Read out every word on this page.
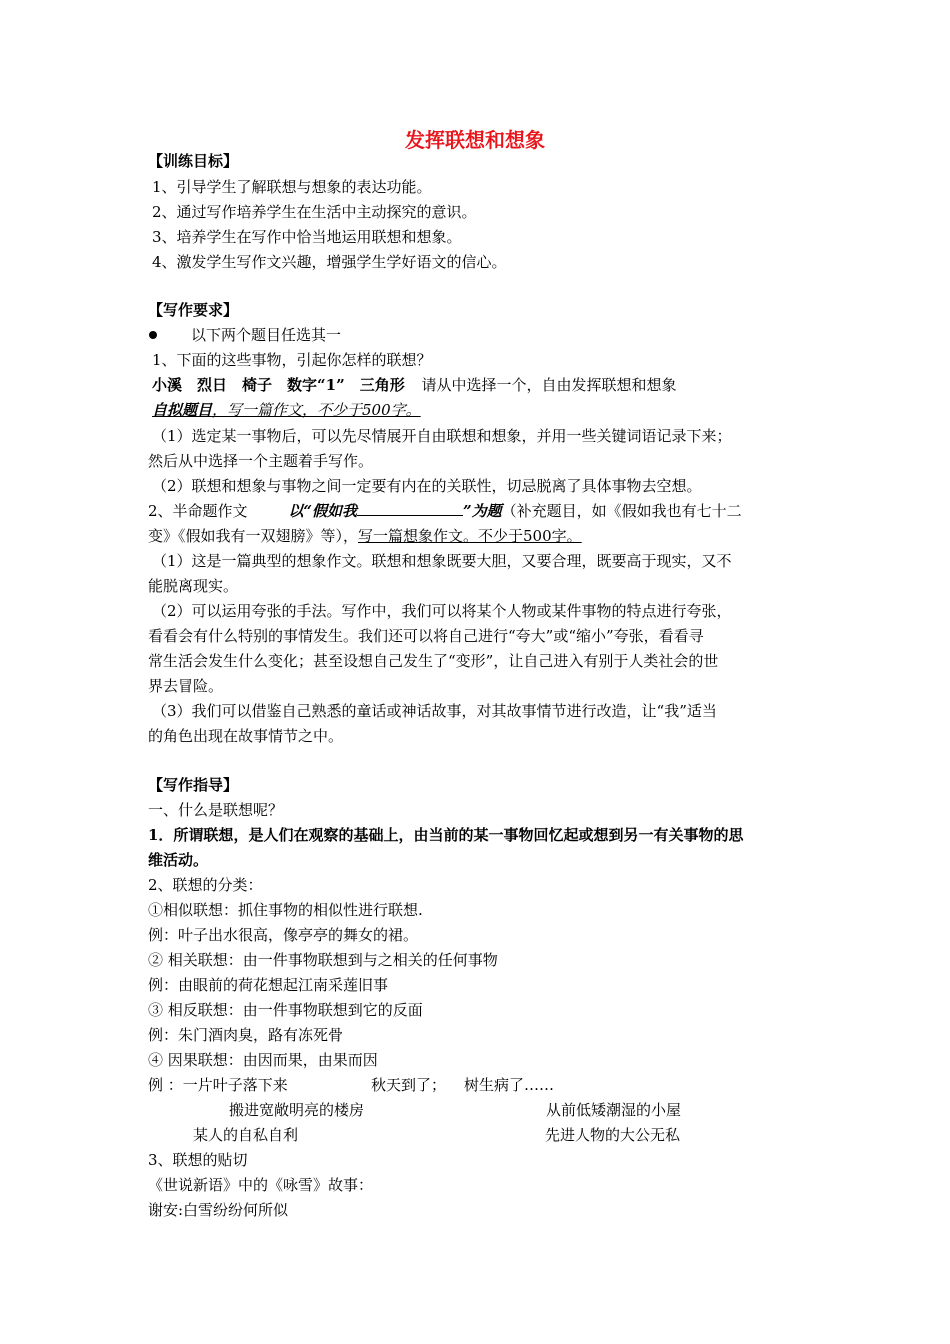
发挥联想和想象
【训练目标】
1、引导学生了解联想与想象的表达功能。
2、通过写作培养学生在生活中主动探究的意识。
3、培养学生在写作中恰当地运用联想和想象。
4、激发学生写作文兴趣，增强学生学好语文的信心。
【写作要求】
以下两个题目任选其一
1、下面的这些事物，引起你怎样的联想？
小溪　烈日　椅子　数字“1”　三角形 请从中选择一个，自由发挥联想和想象
自拟题目，写一篇作文，不少于500字。
（1）选定某一事物后，可以先尽情展开自由联想和想象，并用一些关键词语记录下来；
然后从中选择一个主题着手写作。
（2）联想和想象与事物之间一定要有内在的关联性，切忌脱离了具体事物去空想。
2、半命题作文	以“假如我	”为题（补充题目，如《假如我也有七十二
变》《假如我有一双翅膀》等），写一篇想象作文。不少于500字。
（1）这是一篇典型的想象作文。联想和想象既要大胆，又要合理，既要高于现实，又不
能脱离现实。
（2）可以运用夸张的手法。写作中，我们可以将某个人物或某件事物的特点进行夸张，
看看会有什么特别的事情发生。我们还可以将自己进行“夸大”或“缩小”夸张，看看寻
常生活会发生什么变化；甚至设想自己发生了“变形”，让自己进入有别于人类社会的世
界去冒险。
（3）我们可以借鉴自己熟悉的童话或神话故事，对其故事情节进行改造，让“我”适当
的角色出现在故事情节之中。
【写作指导】
一、什么是联想呢？
1．所谓联想，是人们在观察的基础上，由当前的某一事物回忆起或想到另一有关事物的思
维活动。
2、联想的分类：
①相似联想：抓住事物的相似性进行联想.
例：叶子出水很高，像亭亭的舞女的裙。
② 相关联想：由一件事物联想到与之相关的任何事物
例：由眼前的荷花想起江南采莲旧事
③ 相反联想：由一件事物联想到它的反面
例：朱门酒肉臭，路有冻死骨
④ 因果联想：由因而果，由果而因
例 ：一片叶子落下来	秋天到了； 树生病了……
搬进宽敞明亮的楼房	从前低矮潮湿的小屋
某人的自私自利	先进人物的大公无私
3、联想的贴切
《世说新语》中的《咏雪》故事：
谢安:白雪纷纷何所似
